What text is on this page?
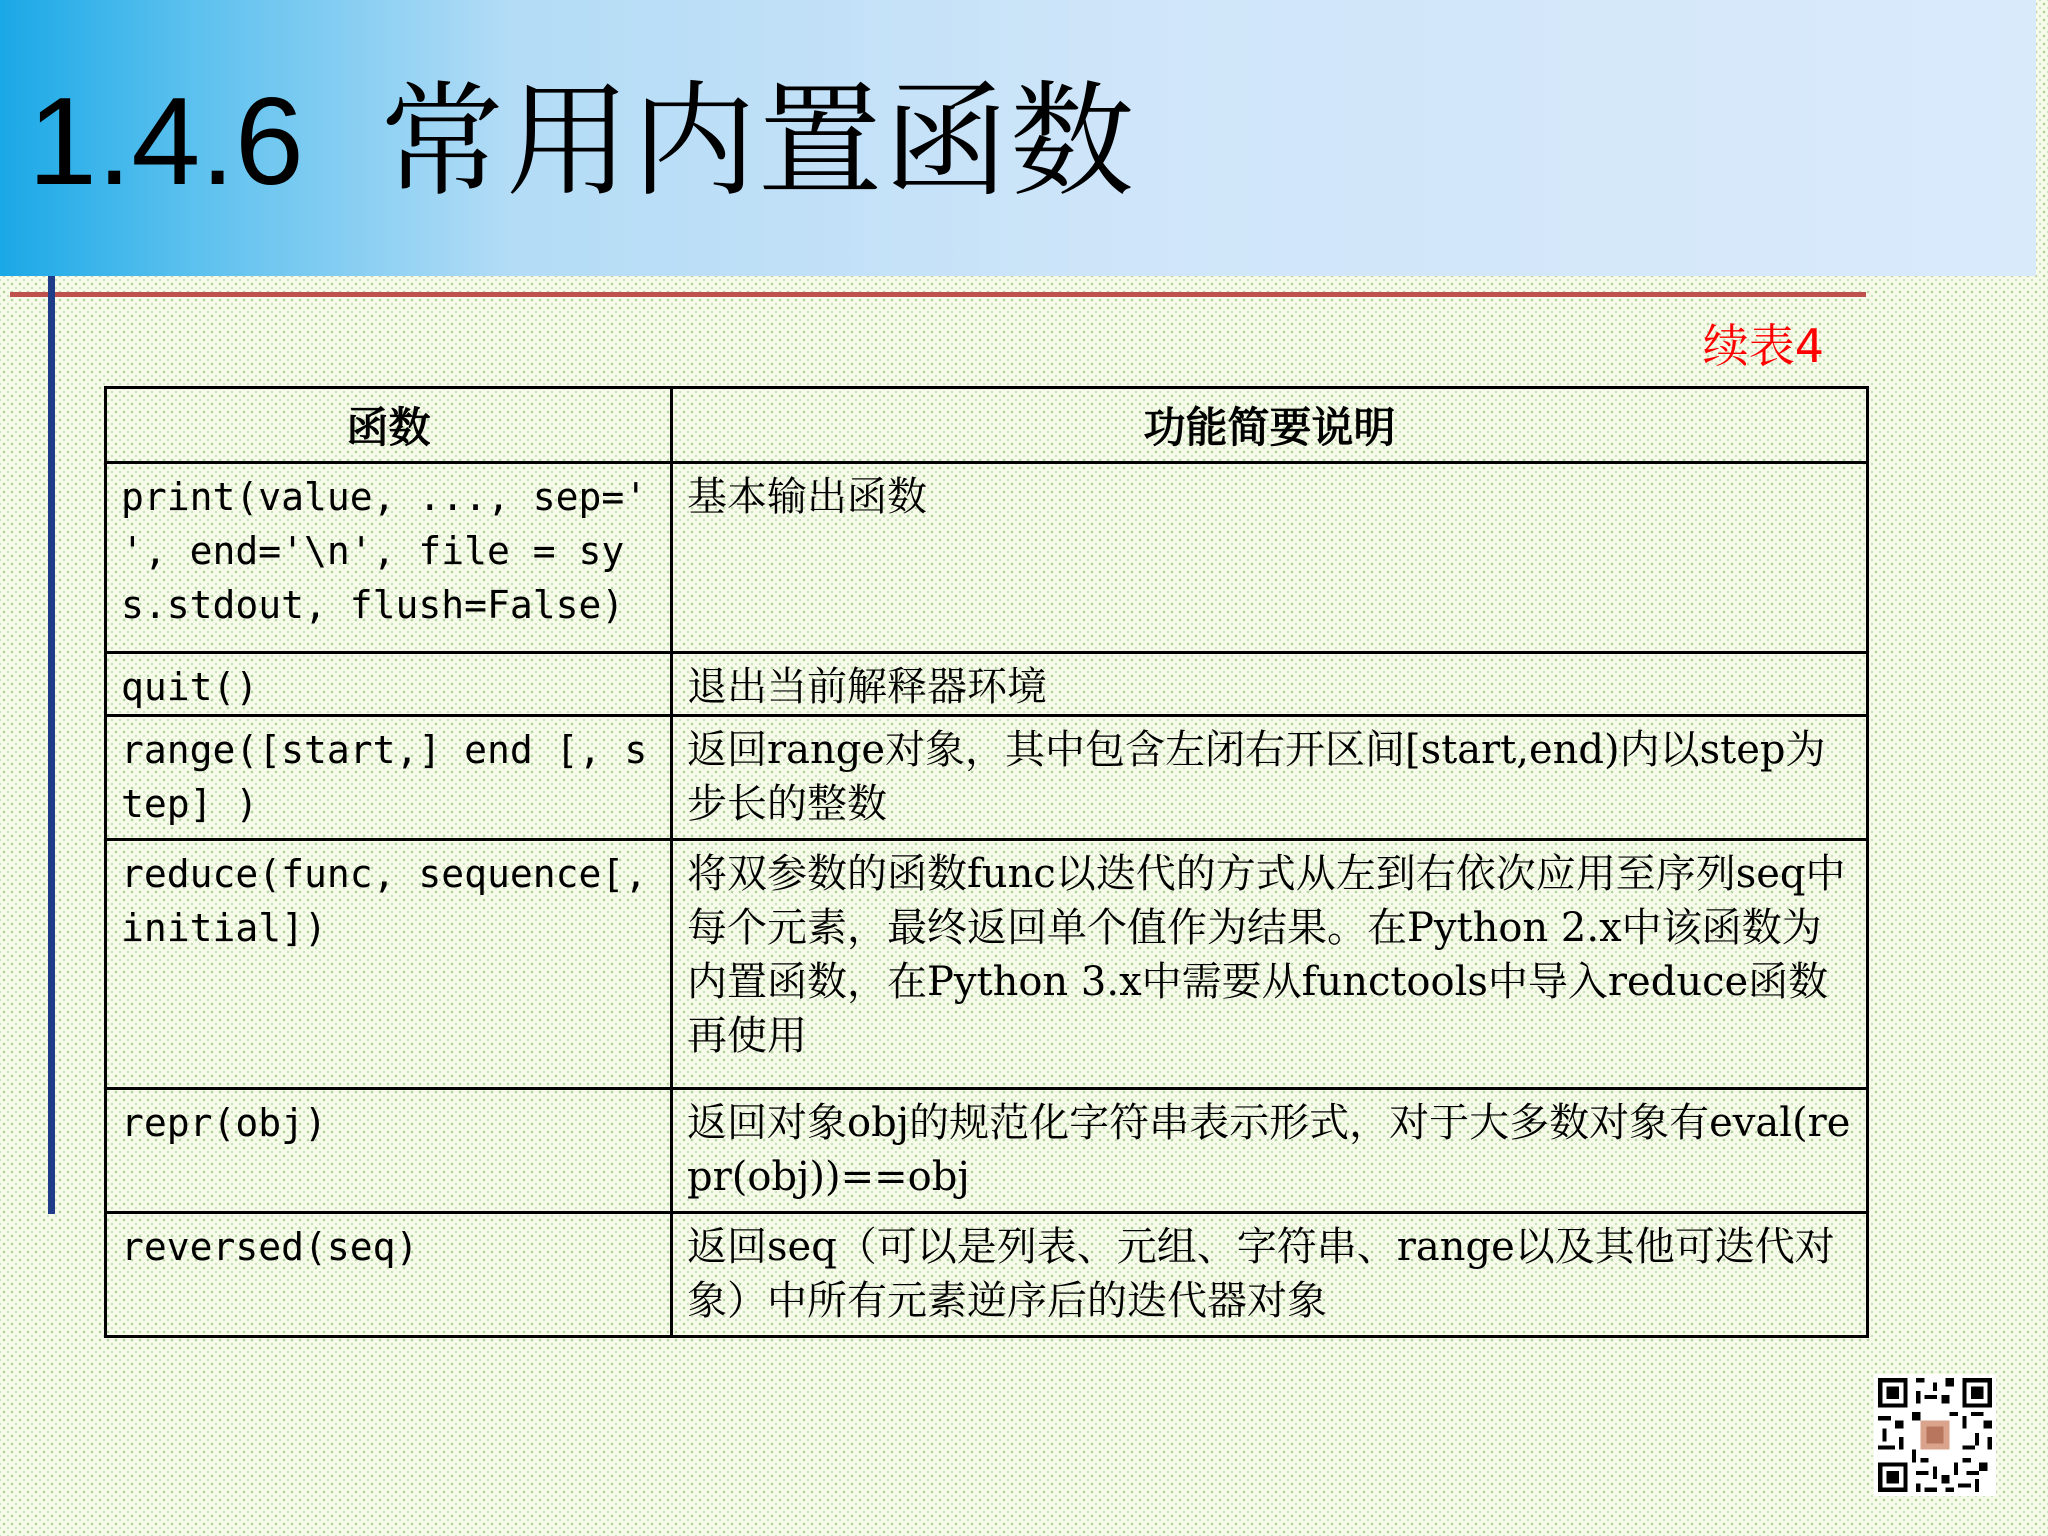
1.4.6 常用内置函数
续表4
函数	功能简要说明
print(value, ..., sep=' ', end='\n', file = sys.stdout, flush=False)	基本输出函数
quit()	退出当前解释器环境
range([start,] end [, step] )	返回range对象，其中包含左闭右开区间[start,end)内以step为步长的整数
reduce(func, sequence[, initial])	将双参数的函数func以迭代的方式从左到右依次应用至序列seq中每个元素，最终返回单个值作为结果。在Python 2.x中该函数为内置函数，在Python 3.x中需要从functools中导入reduce函数再使用
repr(obj)	返回对象obj的规范化字符串表示形式，对于大多数对象有eval(repr(obj))==obj
reversed(seq)	返回seq（可以是列表、元组、字符串、range以及其他可迭代对象）中所有元素逆序后的迭代器对象
